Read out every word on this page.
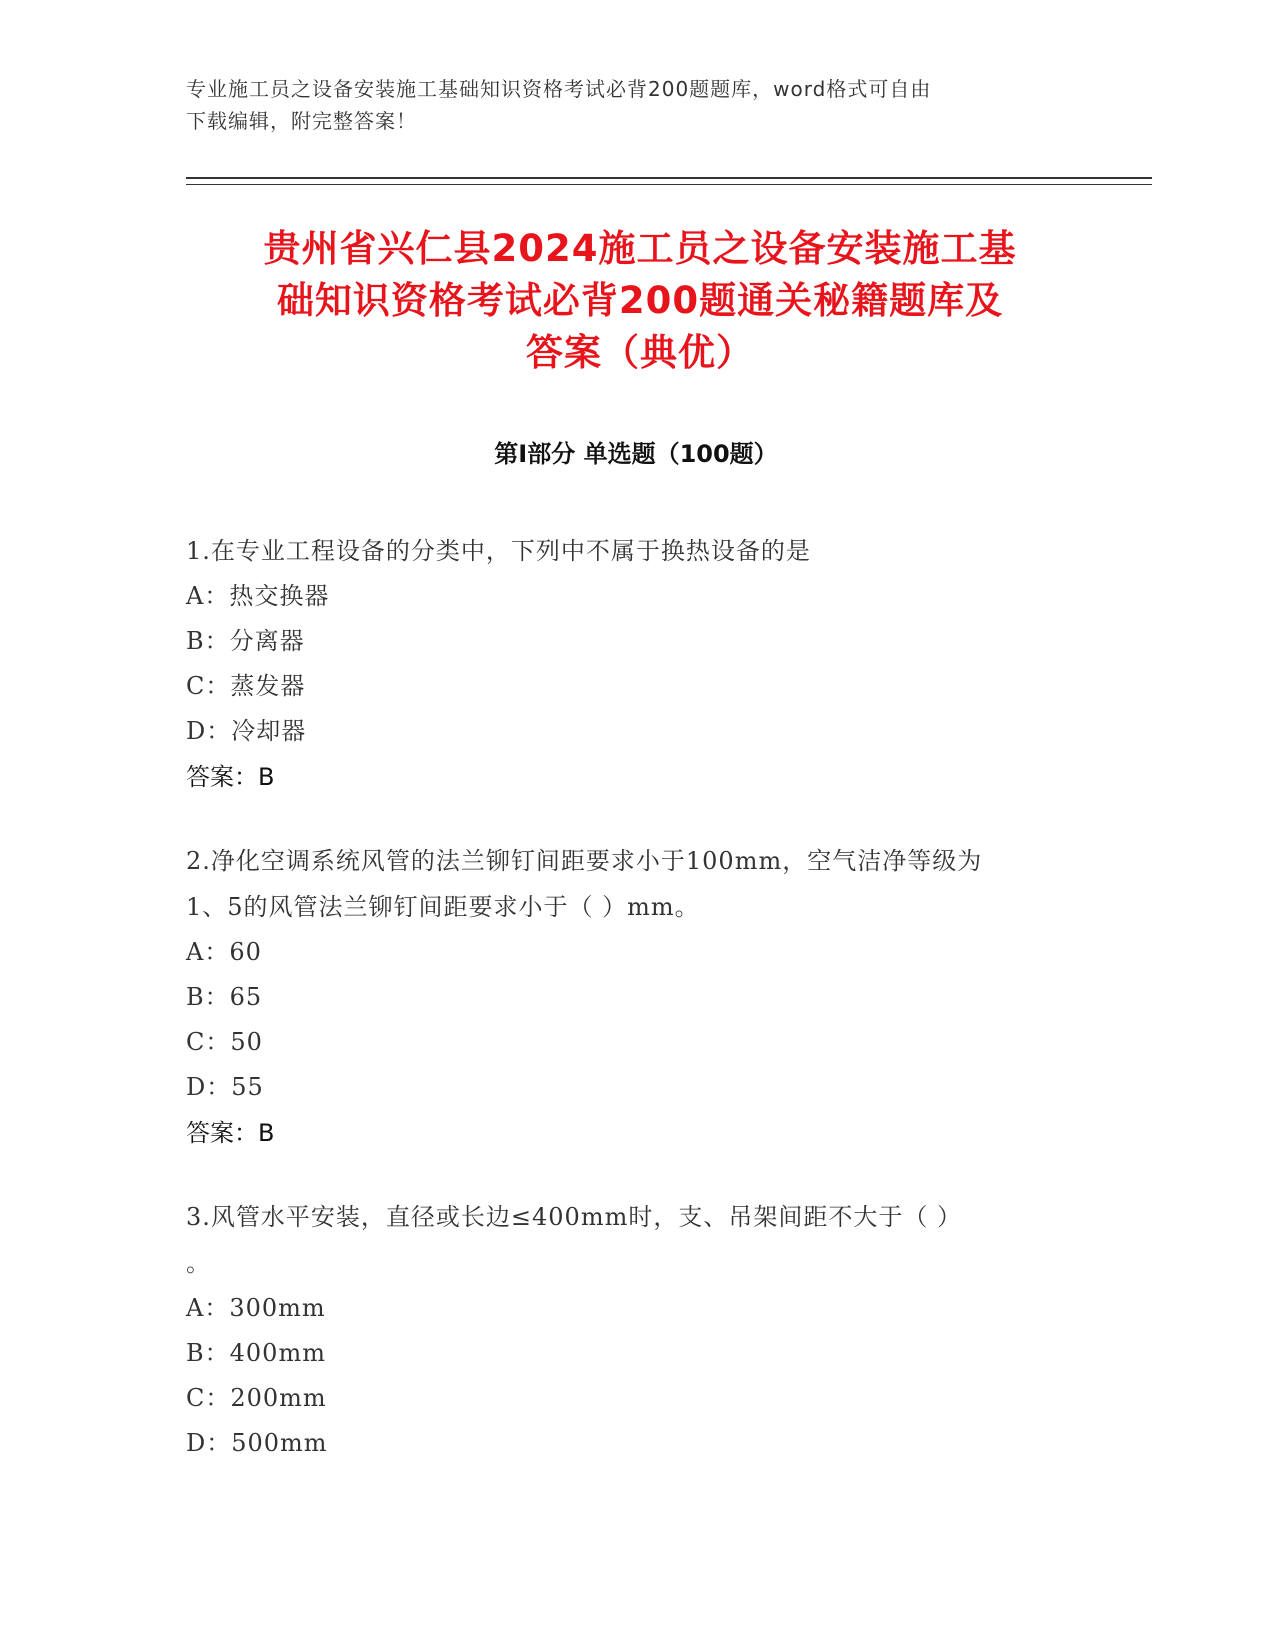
专业施工员之设备安装施工基础知识资格考试必背200题题库，word格式可自由
下载编辑，附完整答案！
贵州省兴仁县2024施工员之设备安装施工基
础知识资格考试必背200题通关秘籍题库及
答案（典优）
第Ⅰ部分 单选题（100题）
1.在专业工程设备的分类中，下列中不属于换热设备的是
A：热交换器
B：分离器
C：蒸发器
D：冷却器
答案：B
2.净化空调系统风管的法兰铆钉间距要求小于100mm，空气洁净等级为
1、5的风管法兰铆钉间距要求小于（ ）mm。
A：60
B：65
C：50
D：55
答案：B
3.风管水平安装，直径或长边≤400mm时，支、吊架间距不大于（ ）
。
A：300mm
B：400mm
C：200mm
D：500mm
